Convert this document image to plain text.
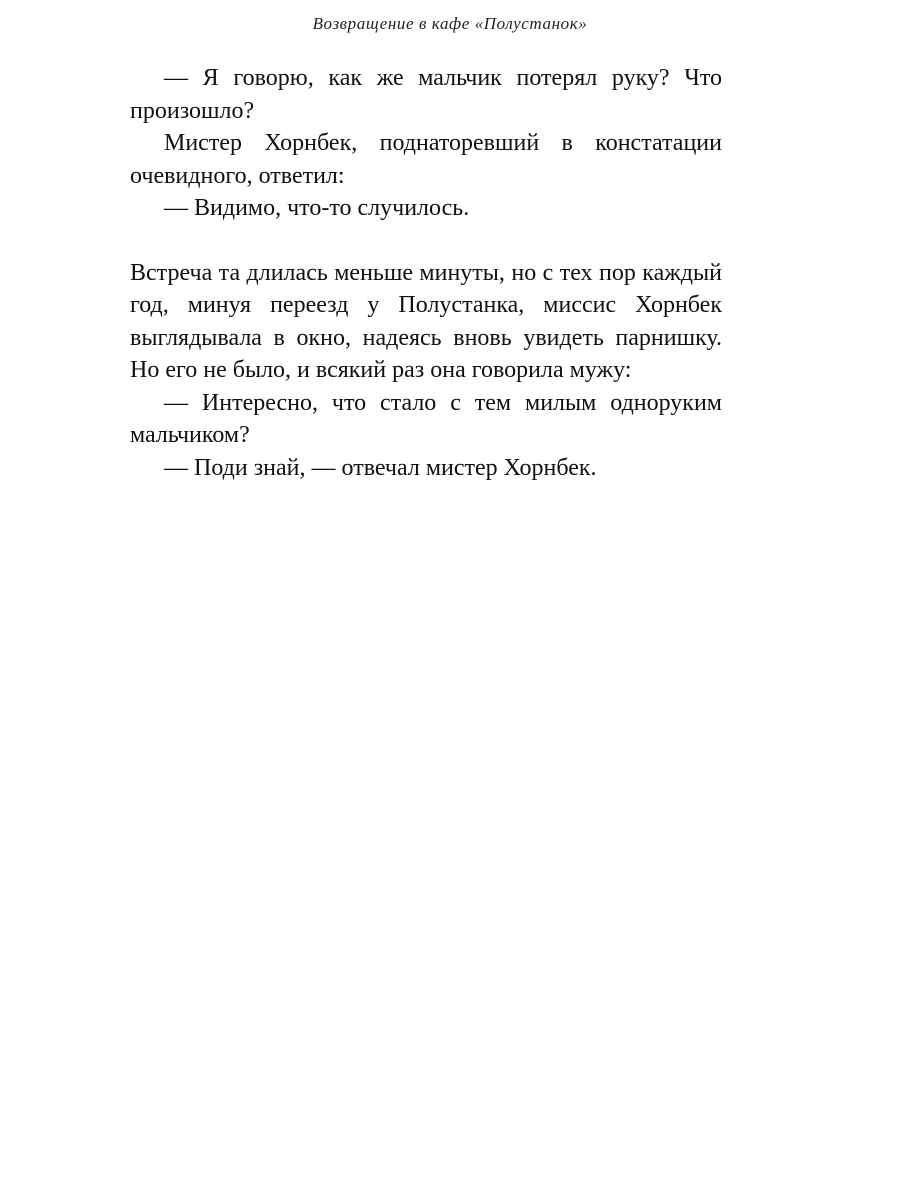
Возвращение в кафе «Полустанок»

— Я говорю, как же мальчик потерял руку? Что произошло?

Мистер Хорнбек, поднаторевший в констатации очевидного, ответил:

— Видимо, что-то случилось.

Встреча та длилась меньше минуты, но с тех пор каждый год, минуя переезд у Полустанка, миссис Хорнбек выглядывала в окно, надеясь вновь увидеть парнишку. Но его не было, и всякий раз она говорила мужу:

— Интересно, что стало с тем милым одноруким мальчиком?

— Поди знай, — отвечал мистер Хорнбек.
